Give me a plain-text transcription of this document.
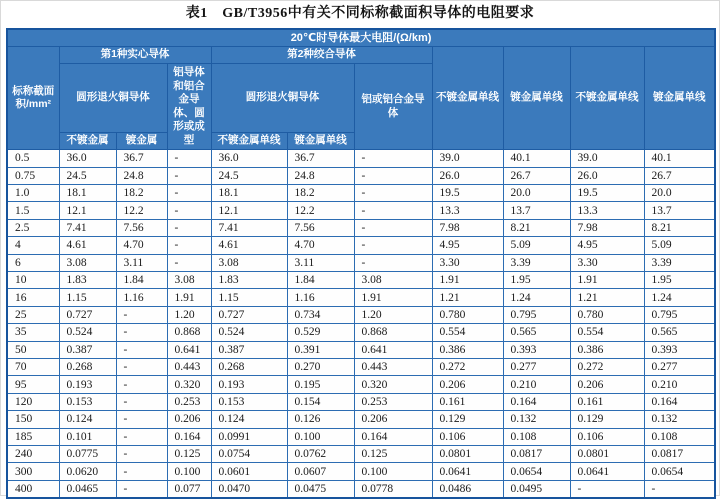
表1　GB/T3956中有关不同标称截面积导体的电阻要求
20℃时导体最大电阻/(Ω/km)										
标称截面积/mm²	第1种实心导体			第2种绞合导体			不镀金属单线	镀金属单线	不镀金属单线	镀金属单线
	圆形退火铜导体		铝导体和铝合金导体、圆形或成型	圆形退火铜导体		铝或铝合金导体				
	不镀金属	镀金属		不镀金属单线	镀金属单线					
0.5	36.0	36.7	-	36.0	36.7	-	39.0	40.1	39.0	40.1
0.75	24.5	24.8	-	24.5	24.8	-	26.0	26.7	26.0	26.7
1.0	18.1	18.2	-	18.1	18.2	-	19.5	20.0	19.5	20.0
1.5	12.1	12.2	-	12.1	12.2	-	13.3	13.7	13.3	13.7
2.5	7.41	7.56	-	7.41	7.56	-	7.98	8.21	7.98	8.21
4	4.61	4.70	-	4.61	4.70	-	4.95	5.09	4.95	5.09
6	3.08	3.11	-	3.08	3.11	-	3.30	3.39	3.30	3.39
10	1.83	1.84	3.08	1.83	1.84	3.08	1.91	1.95	1.91	1.95
16	1.15	1.16	1.91	1.15	1.16	1.91	1.21	1.24	1.21	1.24
25	0.727	-	1.20	0.727	0.734	1.20	0.780	0.795	0.780	0.795
35	0.524	-	0.868	0.524	0.529	0.868	0.554	0.565	0.554	0.565
50	0.387	-	0.641	0.387	0.391	0.641	0.386	0.393	0.386	0.393
70	0.268	-	0.443	0.268	0.270	0.443	0.272	0.277	0.272	0.277
95	0.193	-	0.320	0.193	0.195	0.320	0.206	0.210	0.206	0.210
120	0.153	-	0.253	0.153	0.154	0.253	0.161	0.164	0.161	0.164
150	0.124	-	0.206	0.124	0.126	0.206	0.129	0.132	0.129	0.132
185	0.101	-	0.164	0.0991	0.100	0.164	0.106	0.108	0.106	0.108
240	0.0775	-	0.125	0.0754	0.0762	0.125	0.0801	0.0817	0.0801	0.0817
300	0.0620	-	0.100	0.0601	0.0607	0.100	0.0641	0.0654	0.0641	0.0654
400	0.0465	-	0.077	0.0470	0.0475	0.0778	0.0486	0.0495	-	-
